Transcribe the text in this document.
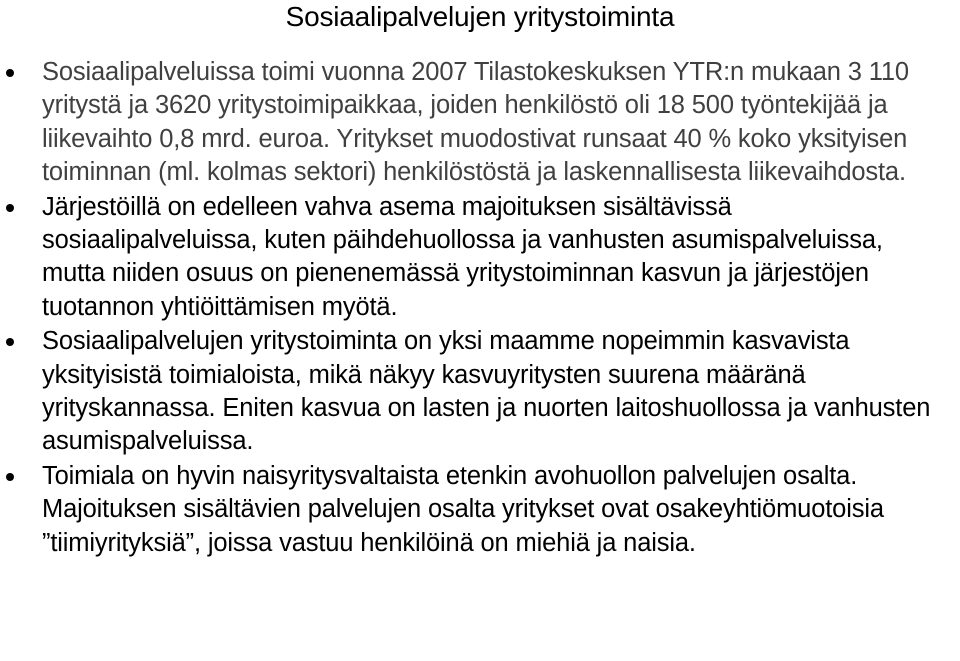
Sosiaalipalvelujen yritystoiminta
Sosiaalipalveluissa toimi vuonna 2007 Tilastokeskuksen YTR:n mukaan 3 110 yritystä ja 3620 yritystoimipaikkaa, joiden henkilöstö oli 18 500 työntekijää ja liikevaihto 0,8 mrd. euroa. Yritykset muodostivat runsaat 40 % koko yksityisen toiminnan (ml. kolmas sektori) henkilöstöstä ja laskennallisesta liikevaihdosta.
Järjestöillä on edelleen vahva asema majoituksen sisältävissä sosiaalipalveluissa, kuten päihdehuollossa ja vanhusten asumispalveluissa, mutta niiden osuus on pienenemässä yritystoiminnan kasvun ja järjestöjen tuotannon yhtiöittämisen myötä.
Sosiaalipalvelujen yritystoiminta on yksi maamme nopeimmin kasvavista yksityisistä toimialoista, mikä näkyy kasvuyritysten suurena määränä yrityskannassa. Eniten kasvua on lasten ja nuorten laitoshuollossa ja vanhusten asumispalveluissa.
Toimiala on hyvin naisyritysvaltaista etenkin avohuollon palvelujen osalta. Majoituksen sisältävien palvelujen osalta yritykset ovat osakeyhtiömuotoisia ”tiimiyrityksiä”, joissa vastuu henkilöinä on miehiä ja naisia.
